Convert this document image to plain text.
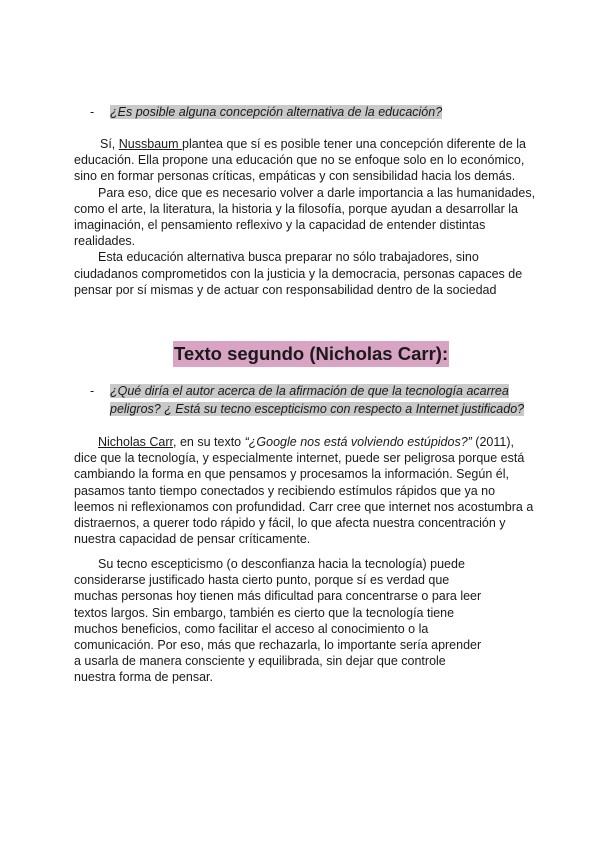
- ¿Es posible alguna concepción alternativa de la educación?
Sí, Nussbaum plantea que sí es posible tener una concepción diferente de la
educación. Ella propone una educación que no se enfoque solo en lo económico,
sino en formar personas críticas, empáticas y con sensibilidad hacia los demás.
Para eso, dice que es necesario volver a darle importancia a las humanidades,
como el arte, la literatura, la historia y la filosofía, porque ayudan a desarrollar la
imaginación, el pensamiento reflexivo y la capacidad de entender distintas
realidades.
Esta educación alternativa busca preparar no sólo trabajadores, sino
ciudadanos comprometidos con la justicia y la democracia, personas capaces de
pensar por sí mismas y de actuar con responsabilidad dentro de la sociedad
Texto segundo (Nicholas Carr):
- ¿Qué diría el autor acerca de la afirmación de que la tecnología acarrea
peligros? ¿ Está su tecno escepticismo con respecto a Internet justificado?
Nicholas Carr, en su texto “¿Google nos está volviendo estúpidos?” (2011),
dice que la tecnología, y especialmente internet, puede ser peligrosa porque está
cambiando la forma en que pensamos y procesamos la información. Según él,
pasamos tanto tiempo conectados y recibiendo estímulos rápidos que ya no
leemos ni reflexionamos con profundidad. Carr cree que internet nos acostumbra a
distraernos, a querer todo rápido y fácil, lo que afecta nuestra concentración y
nuestra capacidad de pensar críticamente.
Su tecno escepticismo (o desconfianza hacia la tecnología) puede
considerarse justificado hasta cierto punto, porque sí es verdad que
muchas personas hoy tienen más dificultad para concentrarse o para leer
textos largos. Sin embargo, también es cierto que la tecnología tiene
muchos beneficios, como facilitar el acceso al conocimiento o la
comunicación. Por eso, más que rechazarla, lo importante sería aprender
a usarla de manera consciente y equilibrada, sin dejar que controle
nuestra forma de pensar.
